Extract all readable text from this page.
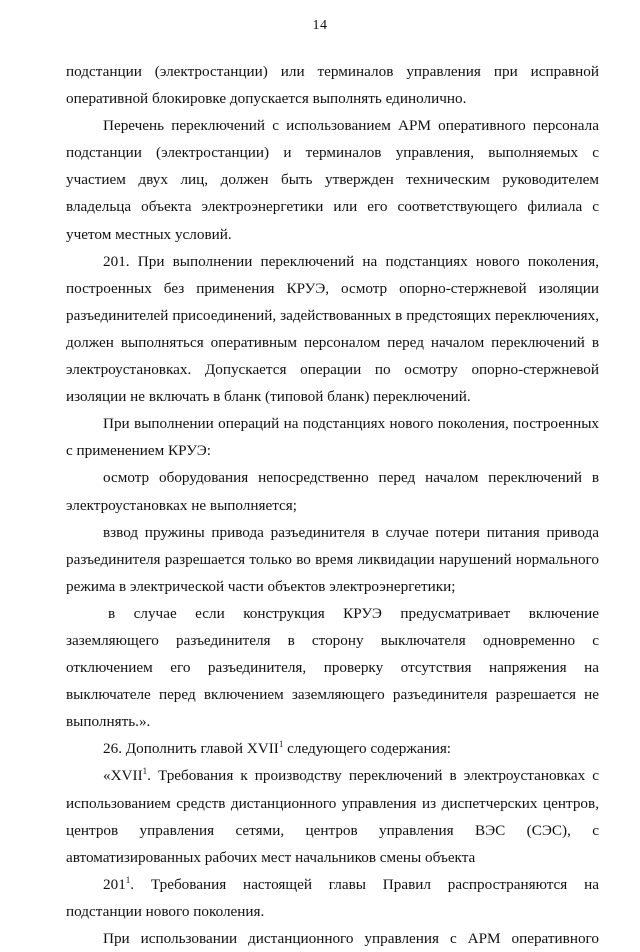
14

подстанции (электростанции) или терминалов управления при исправной оперативной блокировке допускается выполнять единолично.

Перечень переключений с использованием АРМ оперативного персонала подстанции (электростанции) и терминалов управления, выполняемых с участием двух лиц, должен быть утвержден техническим руководителем владельца объекта электроэнергетики или его соответствующего филиала с учетом местных условий.

201. При выполнении переключений на подстанциях нового поколения, построенных без применения КРУЭ, осмотр опорно-стержневой изоляции разъединителей присоединений, задействованных в предстоящих переключениях, должен выполняться оперативным персоналом перед началом переключений в электроустановках. Допускается операции по осмотру опорно-стержневой изоляции не включать в бланк (типовой бланк) переключений.

При выполнении операций на подстанциях нового поколения, построенных с применением КРУЭ:

осмотр оборудования непосредственно перед началом переключений в электроустановках не выполняется;

взвод пружины привода разъединителя в случае потери питания привода разъединителя разрешается только во время ликвидации нарушений нормального режима в электрической части объектов электроэнергетики;

в случае если конструкция КРУЭ предусматривает включение заземляющего разъединителя в сторону выключателя одновременно с отключением его разъединителя, проверку отсутствия напряжения на выключателе перед включением заземляющего разъединителя разрешается не выполнять.».

26. Дополнить главой XVII$^1$ следующего содержания:

«XVII$^1$. Требования к производству переключений в электроустановках с использованием средств дистанционного управления из диспетчерских центров, центров управления сетями, центров управления ВЭС (СЭС), с автоматизированных рабочих мест начальников смены объекта

$201^1$. Требования настоящей главы Правил распространяются на подстанции нового поколения.

При использовании дистанционного управления с АРМ оперативного
